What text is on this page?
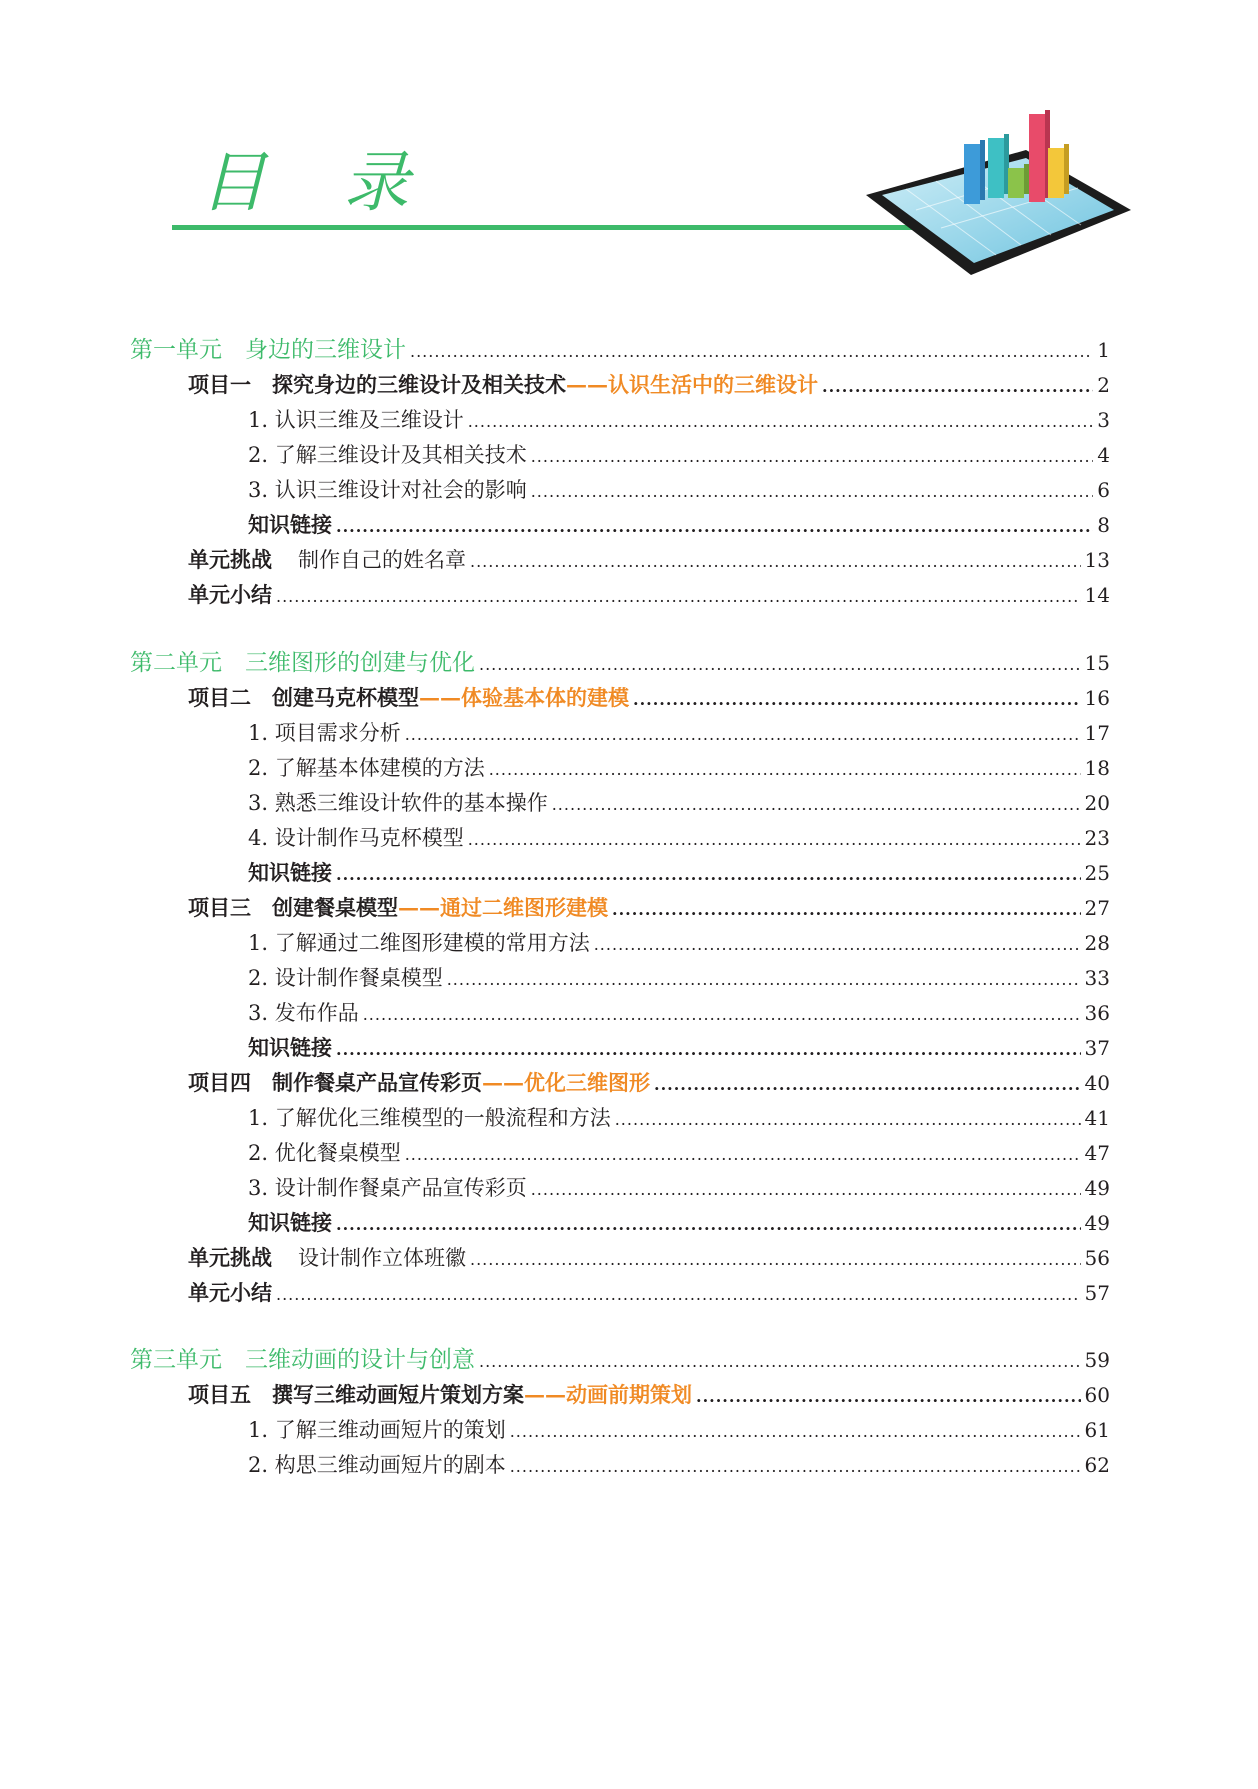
目 录
第一单元　身边的三维设计 .....	1
项目一　探究身边的三维设计及相关技术——认识生活中的三维设计 .....	2
1. 认识三维及三维设计 .....	3
2. 了解三维设计及其相关技术 .....	4
3. 认识三维设计对社会的影响 .....	6
知识链接 .....	8
单元挑战 制作自己的姓名章 .....	13
单元小结 .....	14
第二单元　三维图形的创建与优化 .....	15
项目二　创建马克杯模型——体验基本体的建模 .....	16
1. 项目需求分析 .....	17
2. 了解基本体建模的方法 .....	18
3. 熟悉三维设计软件的基本操作 .....	20
4. 设计制作马克杯模型 .....	23
知识链接 .....	25
项目三　创建餐桌模型——通过二维图形建模 .....	27
1. 了解通过二维图形建模的常用方法 .....	28
2. 设计制作餐桌模型 .....	33
3. 发布作品 .....	36
知识链接 .....	37
项目四　制作餐桌产品宣传彩页——优化三维图形 .....	40
1. 了解优化三维模型的一般流程和方法 .....	41
2. 优化餐桌模型 .....	47
3. 设计制作餐桌产品宣传彩页 .....	49
知识链接 .....	49
单元挑战 设计制作立体班徽 .....	56
单元小结 .....	57
第三单元　三维动画的设计与创意 .....	59
项目五　撰写三维动画短片策划方案——动画前期策划 .....	60
1. 了解三维动画短片的策划 .....	61
2. 构思三维动画短片的剧本 .....	62
